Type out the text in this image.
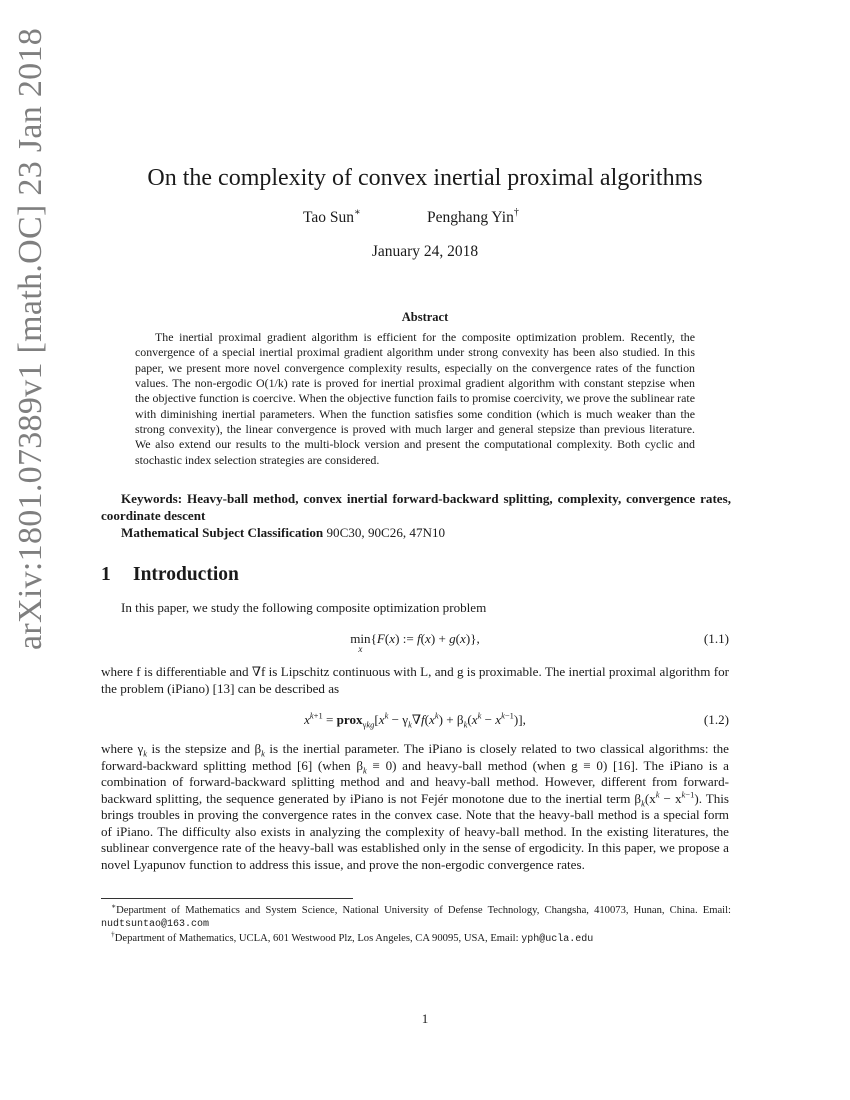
arXiv:1801.07389v1 [math.OC] 23 Jan 2018	On the complexity of convex inertial proximal algorithms
Tao Sun∗	Penghang Yin†
January 24, 2018
Abstract
The inertial proximal gradient algorithm is efficient for the composite optimization problem. Recently, the convergence of a special inertial proximal gradient algorithm under strong convexity has been also studied. In this paper, we present more novel convergence complexity results, especially on the convergence rates of the function values. The non-ergodic O(1/k) rate is proved for inertial proximal gradient algorithm with constant stepzise when the objective function is coercive. When the objective function fails to promise coercivity, we prove the sublinear rate with diminishing inertial parameters. When the function satisfies some condition (which is much weaker than the strong convexity), the linear convergence is proved with much larger and general stepsize than previous literature. We also extend our results to the multi-block version and present the computational complexity. Both cyclic and stochastic index selection strategies are considered.
Keywords: Heavy-ball method, convex inertial forward-backward splitting, complexity, convergence rates, coordinate descent
Mathematical Subject Classification 90C30, 90C26, 47N10
1 Introduction

In this paper, we study the following composite optimization problem

min
x
{F(x) := f(x) + g(x)},	(1.1)

where f is differentiable and ∇f is Lipschitz continuous with L, and g is proximable. The inertial proximal algorithm for the problem (iPiano) [13] can be described as

$x^{k+1}$ = $prox_{\gamma kg}[x^k - \gamma_k\nabla f(x^k) + \beta_k(x^k - x^{k-1})]$,	(1.2)

where $\gamma_k$ is the stepsize and $\beta_k$ is the inertial parameter. The iPiano is closely related to two classical algorithms: the forward-backward splitting method [6] (when $\beta_k \equiv 0$) and heavy-ball method (when g ≡ 0) [16]. The iPiano is a combination of forward-backward splitting method and and heavy-ball method. However, different from forward-backward splitting, the sequence generated by iPiano is not Fejér monotone due to the inertial term $\beta_k(x^k - x^{k-1})$. This brings troubles in proving the convergence rates in the convex case. Note that the heavy-ball method is a special form of iPiano. The difficulty also exists in analyzing the complexity of heavy-ball method. In the existing literatures, the sublinear convergence rate of the heavy-ball was established only in the sense of ergodicity. In this paper, we propose a novel Lyapunov function to address this issue, and prove the non-ergodic convergence rates.

∗Department of Mathematics and System Science, National University of Defense Technology, Changsha, 410073, Hunan, China. Email: nudtsuntao@163.com
†Department of Mathematics, UCLA, 601 Westwood Plz, Los Angeles, CA 90095, USA, Email: yph@ucla.edu
1
